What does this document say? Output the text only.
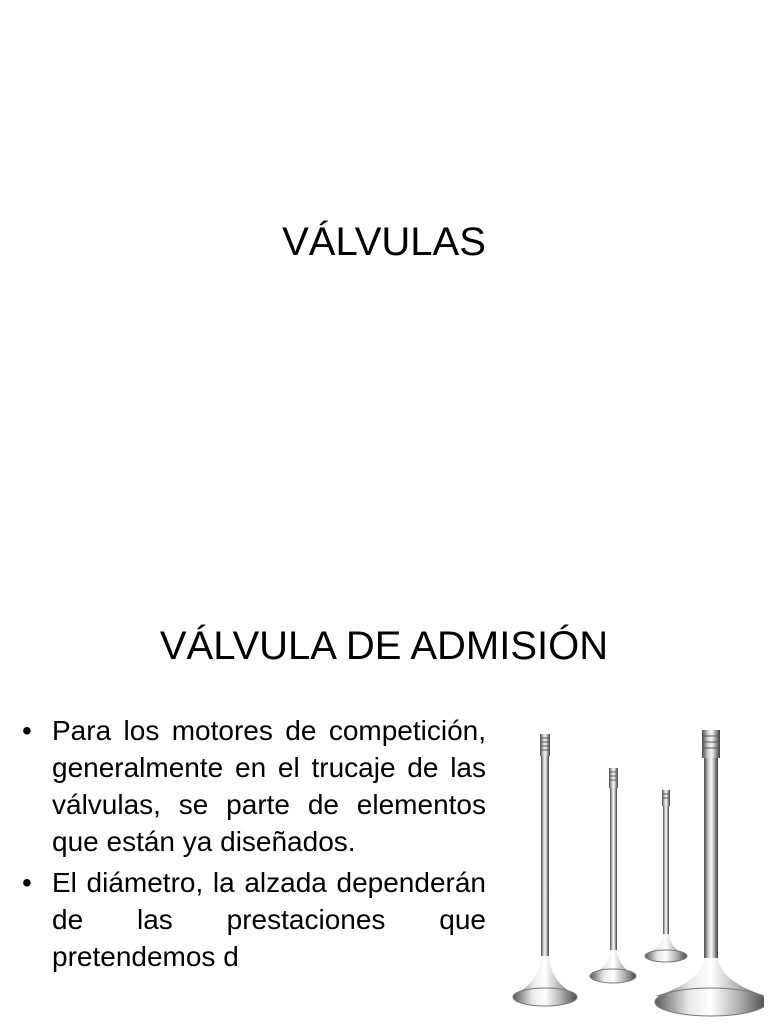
VÁLVULAS
VÁLVULA DE ADMISIÓN
• Para los motores de competición, generalmente en el trucaje de las válvulas, se parte de elementos que están ya diseñados.
• El diámetro, la alzada dependerán de las prestaciones que pretendemos d
